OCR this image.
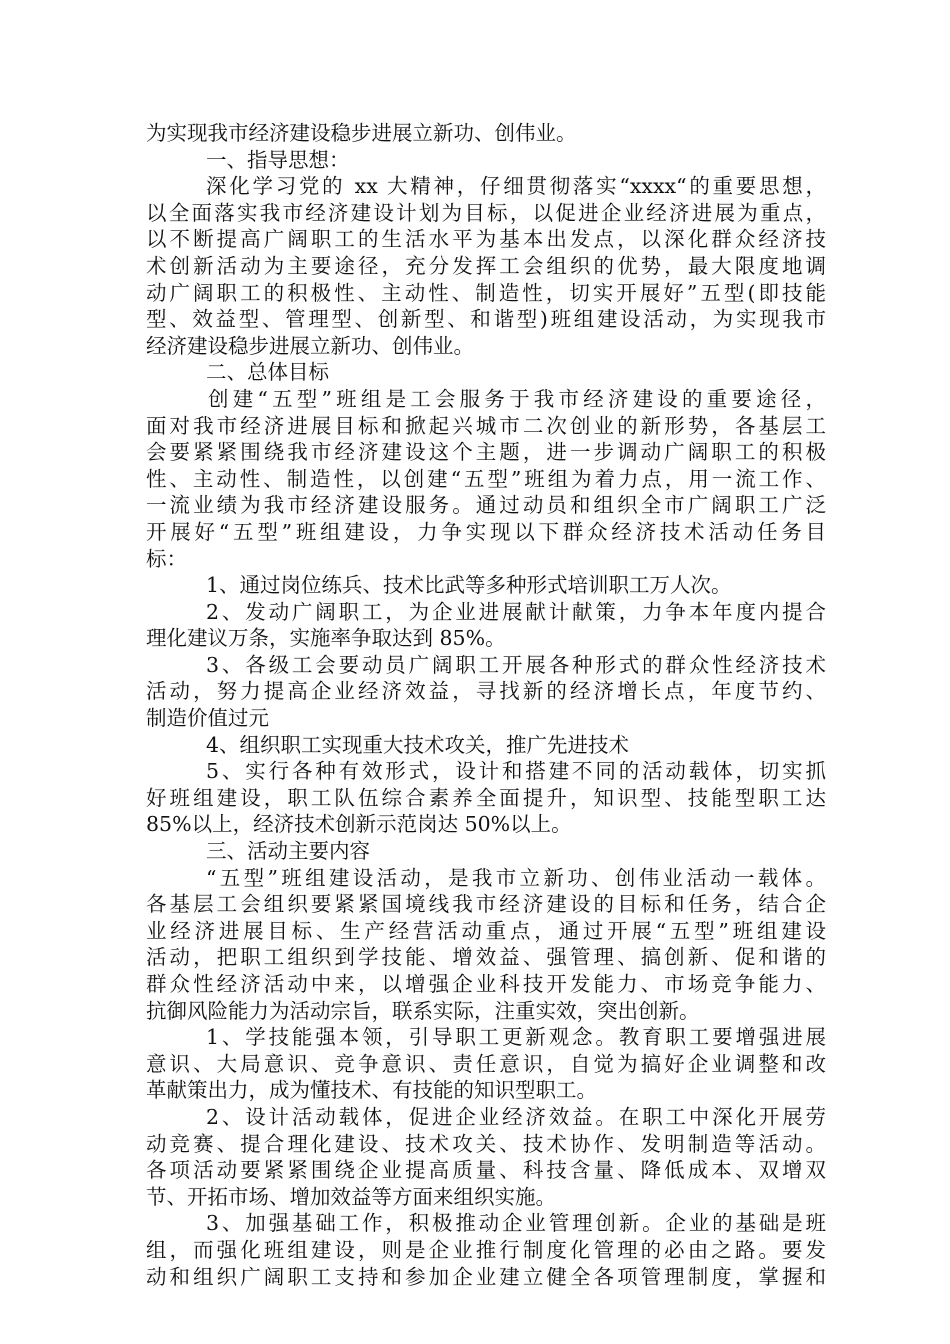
为实现我市经济建设稳步进展立新功、创伟业。
一、指导思想：
深化学习党的 xx 大精神，仔细贯彻落实“xxxx“的重要思想，
以全面落实我市经济建设计划为目标，以促进企业经济进展为重点，
以不断提高广阔职工的生活水平为基本出发点，以深化群众经济技
术创新活动为主要途径，充分发挥工会组织的优势，最大限度地调
动广阔职工的积极性、主动性、制造性，切实开展好”五型(即技能
型、效益型、管理型、创新型、和谐型)班组建设活动，为实现我市
经济建设稳步进展立新功、创伟业。
二、总体目标
创建“五型”班组是工会服务于我市经济建设的重要途径，
面对我市经济进展目标和掀起兴城市二次创业的新形势，各基层工
会要紧紧围绕我市经济建设这个主题，进一步调动广阔职工的积极
性、主动性、制造性，以创建“五型”班组为着力点，用一流工作、
一流业绩为我市经济建设服务。通过动员和组织全市广阔职工广泛
开展好“五型”班组建设，力争实现以下群众经济技术活动任务目
标：
1、通过岗位练兵、技术比武等多种形式培训职工万人次。
2、发动广阔职工，为企业进展献计献策，力争本年度内提合
理化建议万条，实施率争取达到 85%。
3、各级工会要动员广阔职工开展各种形式的群众性经济技术
活动，努力提高企业经济效益，寻找新的经济增长点，年度节约、
制造价值过元
4、组织职工实现重大技术攻关，推广先进技术
5、实行各种有效形式，设计和搭建不同的活动载体，切实抓
好班组建设，职工队伍综合素养全面提升，知识型、技能型职工达
85%以上，经济技术创新示范岗达 50%以上。
三、活动主要内容
“五型”班组建设活动，是我市立新功、创伟业活动一载体。
各基层工会组织要紧紧国境线我市经济建设的目标和任务，结合企
业经济进展目标、生产经营活动重点，通过开展“五型”班组建设
活动，把职工组织到学技能、增效益、强管理、搞创新、促和谐的
群众性经济活动中来，以增强企业科技开发能力、市场竞争能力、
抗御风险能力为活动宗旨，联系实际，注重实效，突出创新。
1、学技能强本领，引导职工更新观念。教育职工要增强进展
意识、大局意识、竞争意识、责任意识，自觉为搞好企业调整和改
革献策出力，成为懂技术、有技能的知识型职工。
2、设计活动载体，促进企业经济效益。在职工中深化开展劳
动竞赛、提合理化建设、技术攻关、技术协作、发明制造等活动。
各项活动要紧紧围绕企业提高质量、科技含量、降低成本、双增双
节、开拓市场、增加效益等方面来组织实施。
3、加强基础工作，积极推动企业管理创新。企业的基础是班
组，而强化班组建设，则是企业推行制度化管理的必由之路。要发
动和组织广阔职工支持和参加企业建立健全各项管理制度，掌握和
